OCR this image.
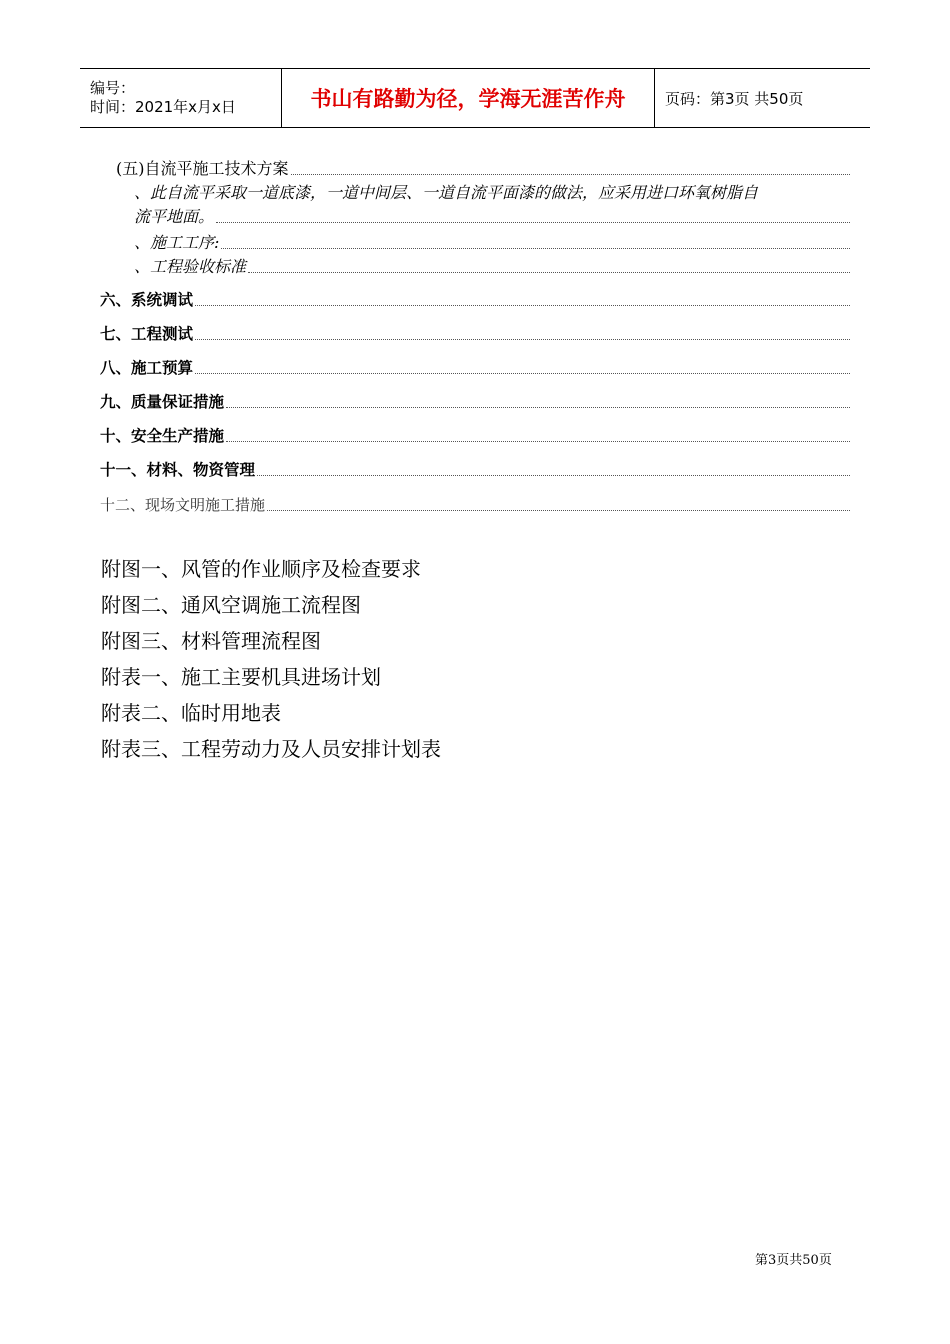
编号：
时间：2021年x月x日	书山有路勤为径，学海无涯苦作舟	页码：第3页 共50页
(五)自流平施工技术方案
、此自流平采取一道底漆，一道中间层、一道自流平面漆的做法，应采用进口环氧树脂自
流平地面。
、施工工序:
、工程验收标准
六、系统调试
七、工程测试
八、施工预算
九、质量保证措施
十、安全生产措施
十一、材料、物资管理
十二、现场文明施工措施
附图一、风管的作业顺序及检查要求
附图二、通风空调施工流程图
附图三、材料管理流程图
附表一、施工主要机具进场计划
附表二、临时用地表
附表三、工程劳动力及人员安排计划表
第3页共50页
